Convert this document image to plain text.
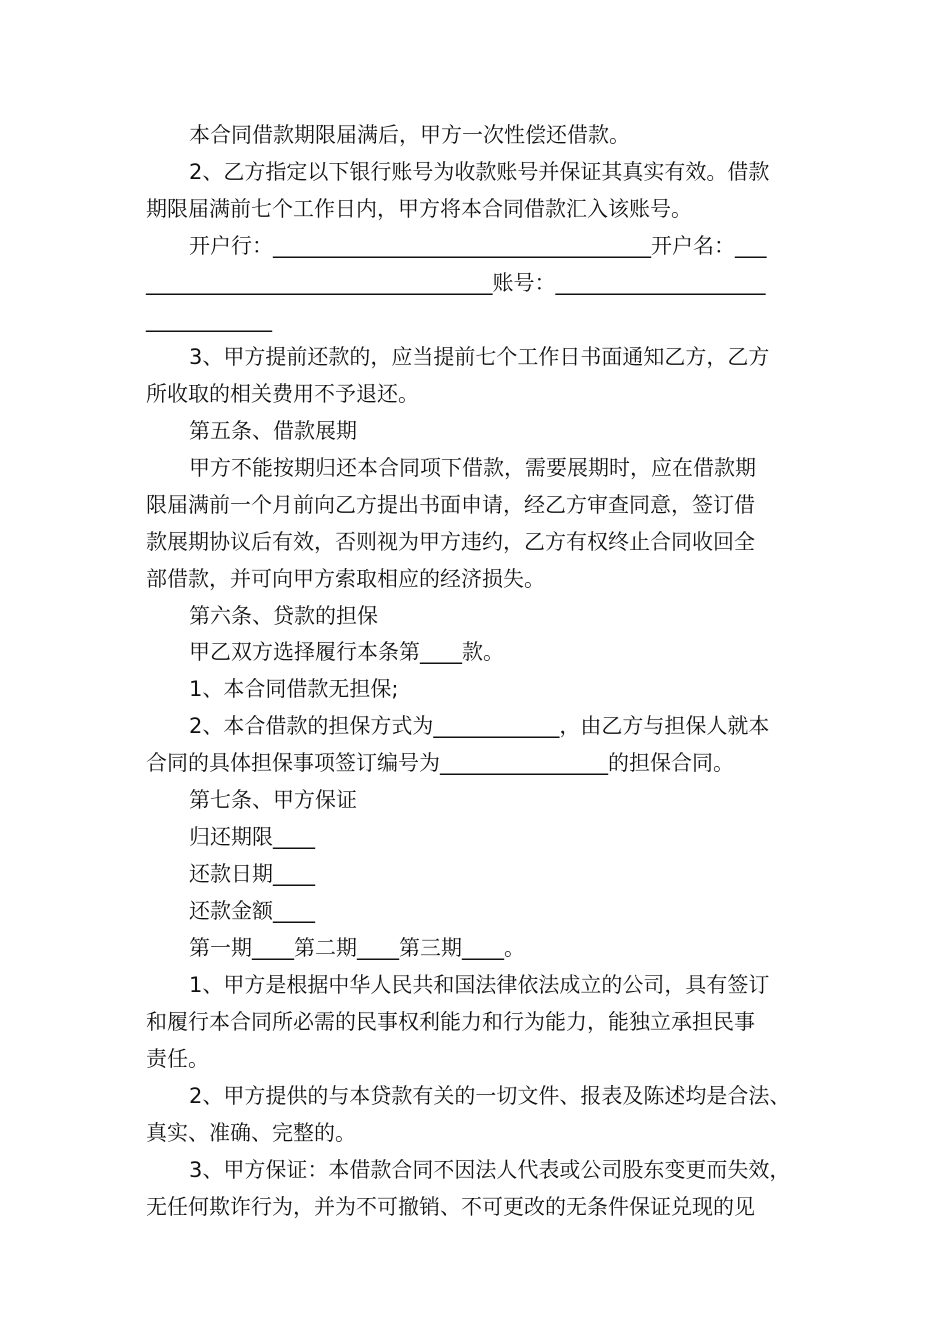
本合同借款期限届满后，甲方一次性偿还借款。
2、乙方指定以下银行账号为收款账号并保证其真实有效。借款
期限届满前七个工作日内，甲方将本合同借款汇入该账号。
开户行：____________________________________开户名：___
_________________________________账号：____________________
____________
3、甲方提前还款的，应当提前七个工作日书面通知乙方，乙方
所收取的相关费用不予退还。
第五条、借款展期
甲方不能按期归还本合同项下借款，需要展期时，应在借款期
限届满前一个月前向乙方提出书面申请，经乙方审查同意，签订借
款展期协议后有效，否则视为甲方违约，乙方有权终止合同收回全
部借款，并可向甲方索取相应的经济损失。
第六条、贷款的担保
甲乙双方选择履行本条第____款。
1、本合同借款无担保;
2、本合借款的担保方式为____________，由乙方与担保人就本
合同的具体担保事项签订编号为________________的担保合同。
第七条、甲方保证
归还期限____
还款日期____
还款金额____
第一期____第二期____第三期____。
1、甲方是根据中华人民共和国法律依法成立的公司，具有签订
和履行本合同所必需的民事权利能力和行为能力，能独立承担民事
责任。
2、甲方提供的与本贷款有关的一切文件、报表及陈述均是合法、
真实、准确、完整的。
3、甲方保证：本借款合同不因法人代表或公司股东变更而失效，
无任何欺诈行为，并为不可撤销、不可更改的无条件保证兑现的见
